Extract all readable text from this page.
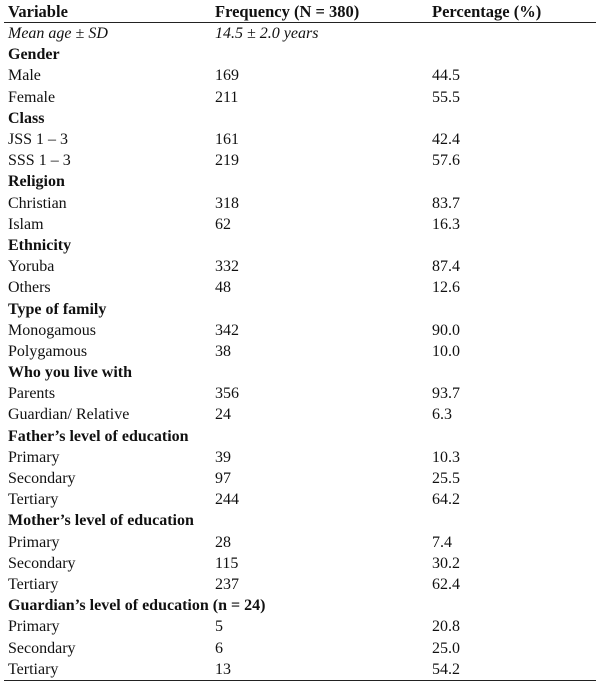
Variable	Frequency (N = 380)	Percentage (%)
Mean age ± SD	14.5 ± 2.0 years	
Gender		
Male	169	44.5
Female	211	55.5
Class		
JSS 1 – 3	161	42.4
SSS 1 – 3	219	57.6
Religion		
Christian	318	83.7
Islam	62	16.3
Ethnicity		
Yoruba	332	87.4
Others	48	12.6
Type of family		
Monogamous	342	90.0
Polygamous	38	10.0
Who you live with		
Parents	356	93.7
Guardian/ Relative	24	6.3
Father’s level of education		
Primary	39	10.3
Secondary	97	25.5
Tertiary	244	64.2
Mother’s level of education		
Primary	28	7.4
Secondary	115	30.2
Tertiary	237	62.4
Guardian’s level of education (n = 24)		
Primary	5	20.8
Secondary	6	25.0
Tertiary	13	54.2
